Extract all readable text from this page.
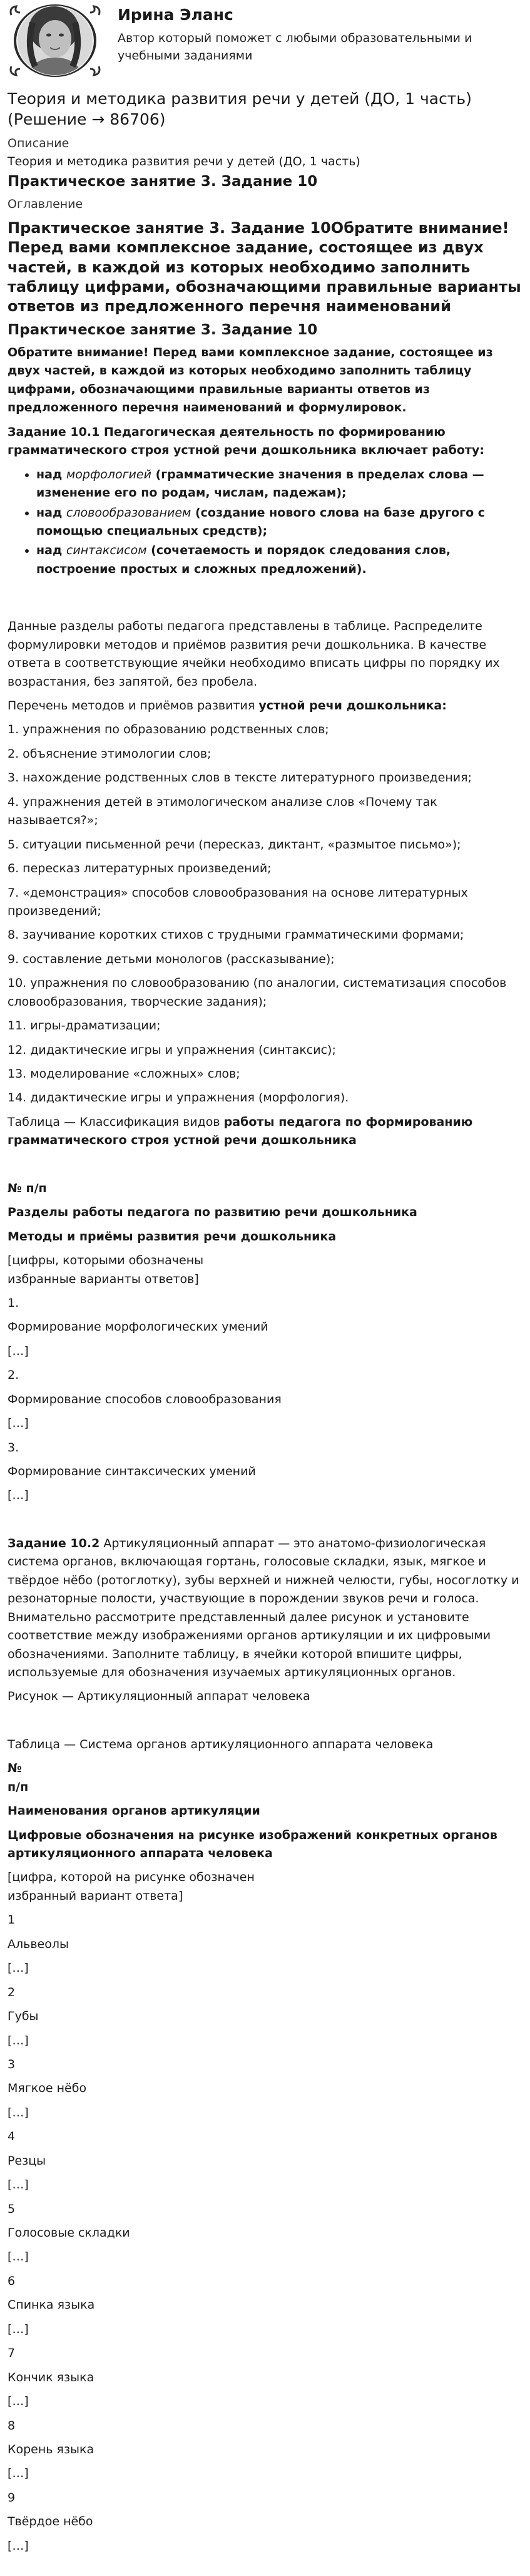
Ирина Эланс
Автор который поможет с любыми образовательными и учебными заданиями
Теория и методика развития речи у детей (ДО, 1 часть) (Решение → 86706)
Описание
Теория и методика развития речи у детей (ДО, 1 часть)
Практическое занятие 3. Задание 10
Оглавление
Практическое занятие 3. Задание 10Обратите внимание! Перед вами комплексное задание, состоящее из двух частей, в каждой из которых необходимо заполнить таблицу цифрами, обозначающими правильные варианты ответов из предложенного перечня наименований
Практическое занятие 3. Задание 10

Обратите внимание! Перед вами комплексное задание, состоящее из двух частей, в каждой из которых необходимо заполнить таблицу цифрами, обозначающими правильные варианты ответов из предложенного перечня наименований и формулировок.

Задание 10.1 Педагогическая деятельность по формированию грамматического строя устной речи дошкольника включает работу:

• над морфологией (грамматические значения в пределах слова — изменение его по родам, числам, падежам);
• над словообразованием (создание нового слова на базе другого с помощью специальных средств);
• над синтаксисом (сочетаемость и порядок следования слов, построение простых и сложных предложений).

Данные разделы работы педагога представлены в таблице. Распределите формулировки методов и приёмов развития речи дошкольника. В качестве ответа в соответствующие ячейки необходимо вписать цифры по порядку их возрастания, без запятой, без пробела.

Перечень методов и приёмов развития устной речи дошкольника:

1. упражнения по образованию родственных слов;

2. объяснение этимологии слов;

3. нахождение родственных слов в тексте литературного произведения;

4. упражнения детей в этимологическом анализе слов «Почему так называется?»;

5. ситуации письменной речи (пересказ, диктант, «размытое письмо»);

6. пересказ литературных произведений;

7. «демонстрация» способов словообразования на основе литературных произведений;

8. заучивание коротких стихов с трудными грамматическими формами;

9. составление детьми монологов (рассказывание);

10. упражнения по словообразованию (по аналогии, систематизация способов словообразования, творческие задания);

11. игры-драматизации;

12. дидактические игры и упражнения (синтаксис);

13. моделирование «сложных» слов;

14. дидактические игры и упражнения (морфология).

Таблица — Классификация видов работы педагога по формированию грамматического строя устной речи дошкольника

№ п/п

Разделы работы педагога по развитию речи дошкольника

Методы и приёмы развития речи дошкольника

[цифры, которыми обозначены

избранные варианты ответов]

1.

Формирование морфологических умений

[…]

2.

Формирование способов словообразования

[…]

3.

Формирование синтаксических умений

[…]

Задание 10.2 Артикуляционный аппарат — это анатомо-физиологическая система органов, включающая гортань, голосовые складки, язык, мягкое и твёрдое нёбо (ротоглотку), зубы верхней и нижней челюсти, губы, носоглотку и резонаторные полости, участвующие в порождении звуков речи и голоса. Внимательно рассмотрите представленный далее рисунок и установите соответствие между изображениями органов артикуляции и их цифровыми обозначениями. Заполните таблицу, в ячейки которой впишите цифры, используемые для обозначения изучаемых артикуляционных органов.

Рисунок — Артикуляционный аппарат человека

Таблица — Система органов артикуляционного аппарата человека

№

п/п

Наименования органов артикуляции

Цифровые обозначения на рисунке изображений конкретных органов артикуляционного аппарата человека

[цифра, которой на рисунке обозначен

избранный вариант ответа]

1

Альвеолы

[…]

2

Губы

[…]

3

Мягкое нёбо

[…]

4

Резцы

[…]

5

Голосовые складки

[…]

6

Спинка языка

[…]

7

Кончик языка

[…]

8

Корень языка

[…]

9

Твёрдое нёбо

[…]
